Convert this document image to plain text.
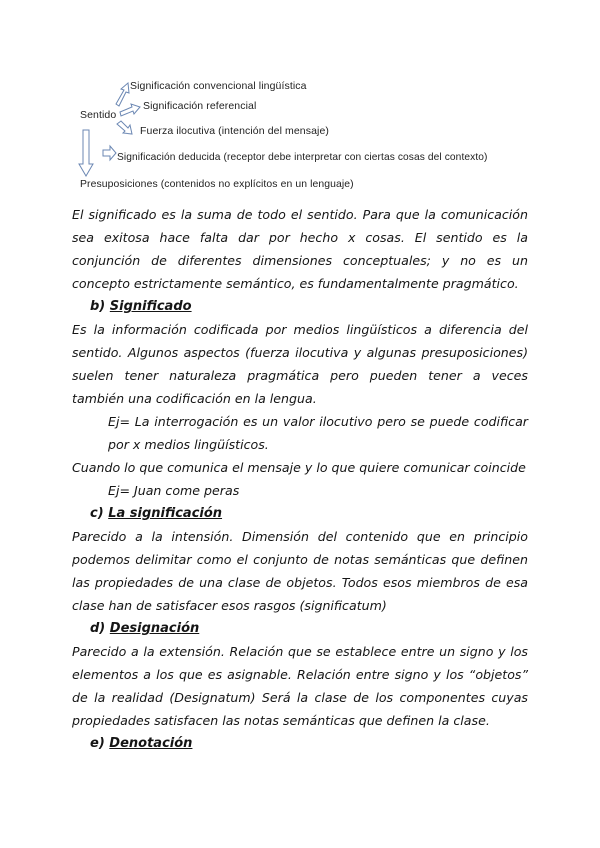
Sentido
Significación convencional lingüística
Significación referencial
Fuerza ilocutiva (intención del mensaje)
Significación deducida (receptor debe interpretar con ciertas cosas del contexto)
Presuposiciones (contenidos no explícitos en un lenguaje)

El significado es la suma de todo el sentido. Para que la comunicación sea exitosa hace falta dar por hecho x cosas. El sentido es la conjunción de diferentes dimensiones conceptuales; y no es un concepto estrictamente semántico, es fundamentalmente pragmático.

b) Significado

Es la información codificada por medios lingüísticos a diferencia del sentido. Algunos aspectos (fuerza ilocutiva y algunas presuposiciones) suelen tener naturaleza pragmática pero pueden tener a veces también una codificación en la lengua.

Ej= La interrogación es un valor ilocutivo pero se puede codificar por x medios lingüísticos.

Cuando lo que comunica el mensaje y lo que quiere comunicar coincide

Ej= Juan come peras

c) La significación

Parecido a la intensión. Dimensión del contenido que en principio podemos delimitar como el conjunto de notas semánticas que definen las propiedades de una clase de objetos. Todos esos miembros de esa clase han de satisfacer esos rasgos (significatum)

d) Designación

Parecido a la extensión. Relación que se establece entre un signo y los elementos a los que es asignable. Relación entre signo y los “objetos” de la realidad (Designatum) Será la clase de los componentes cuyas propiedades satisfacen las notas semánticas que definen la clase.

e) Denotación
